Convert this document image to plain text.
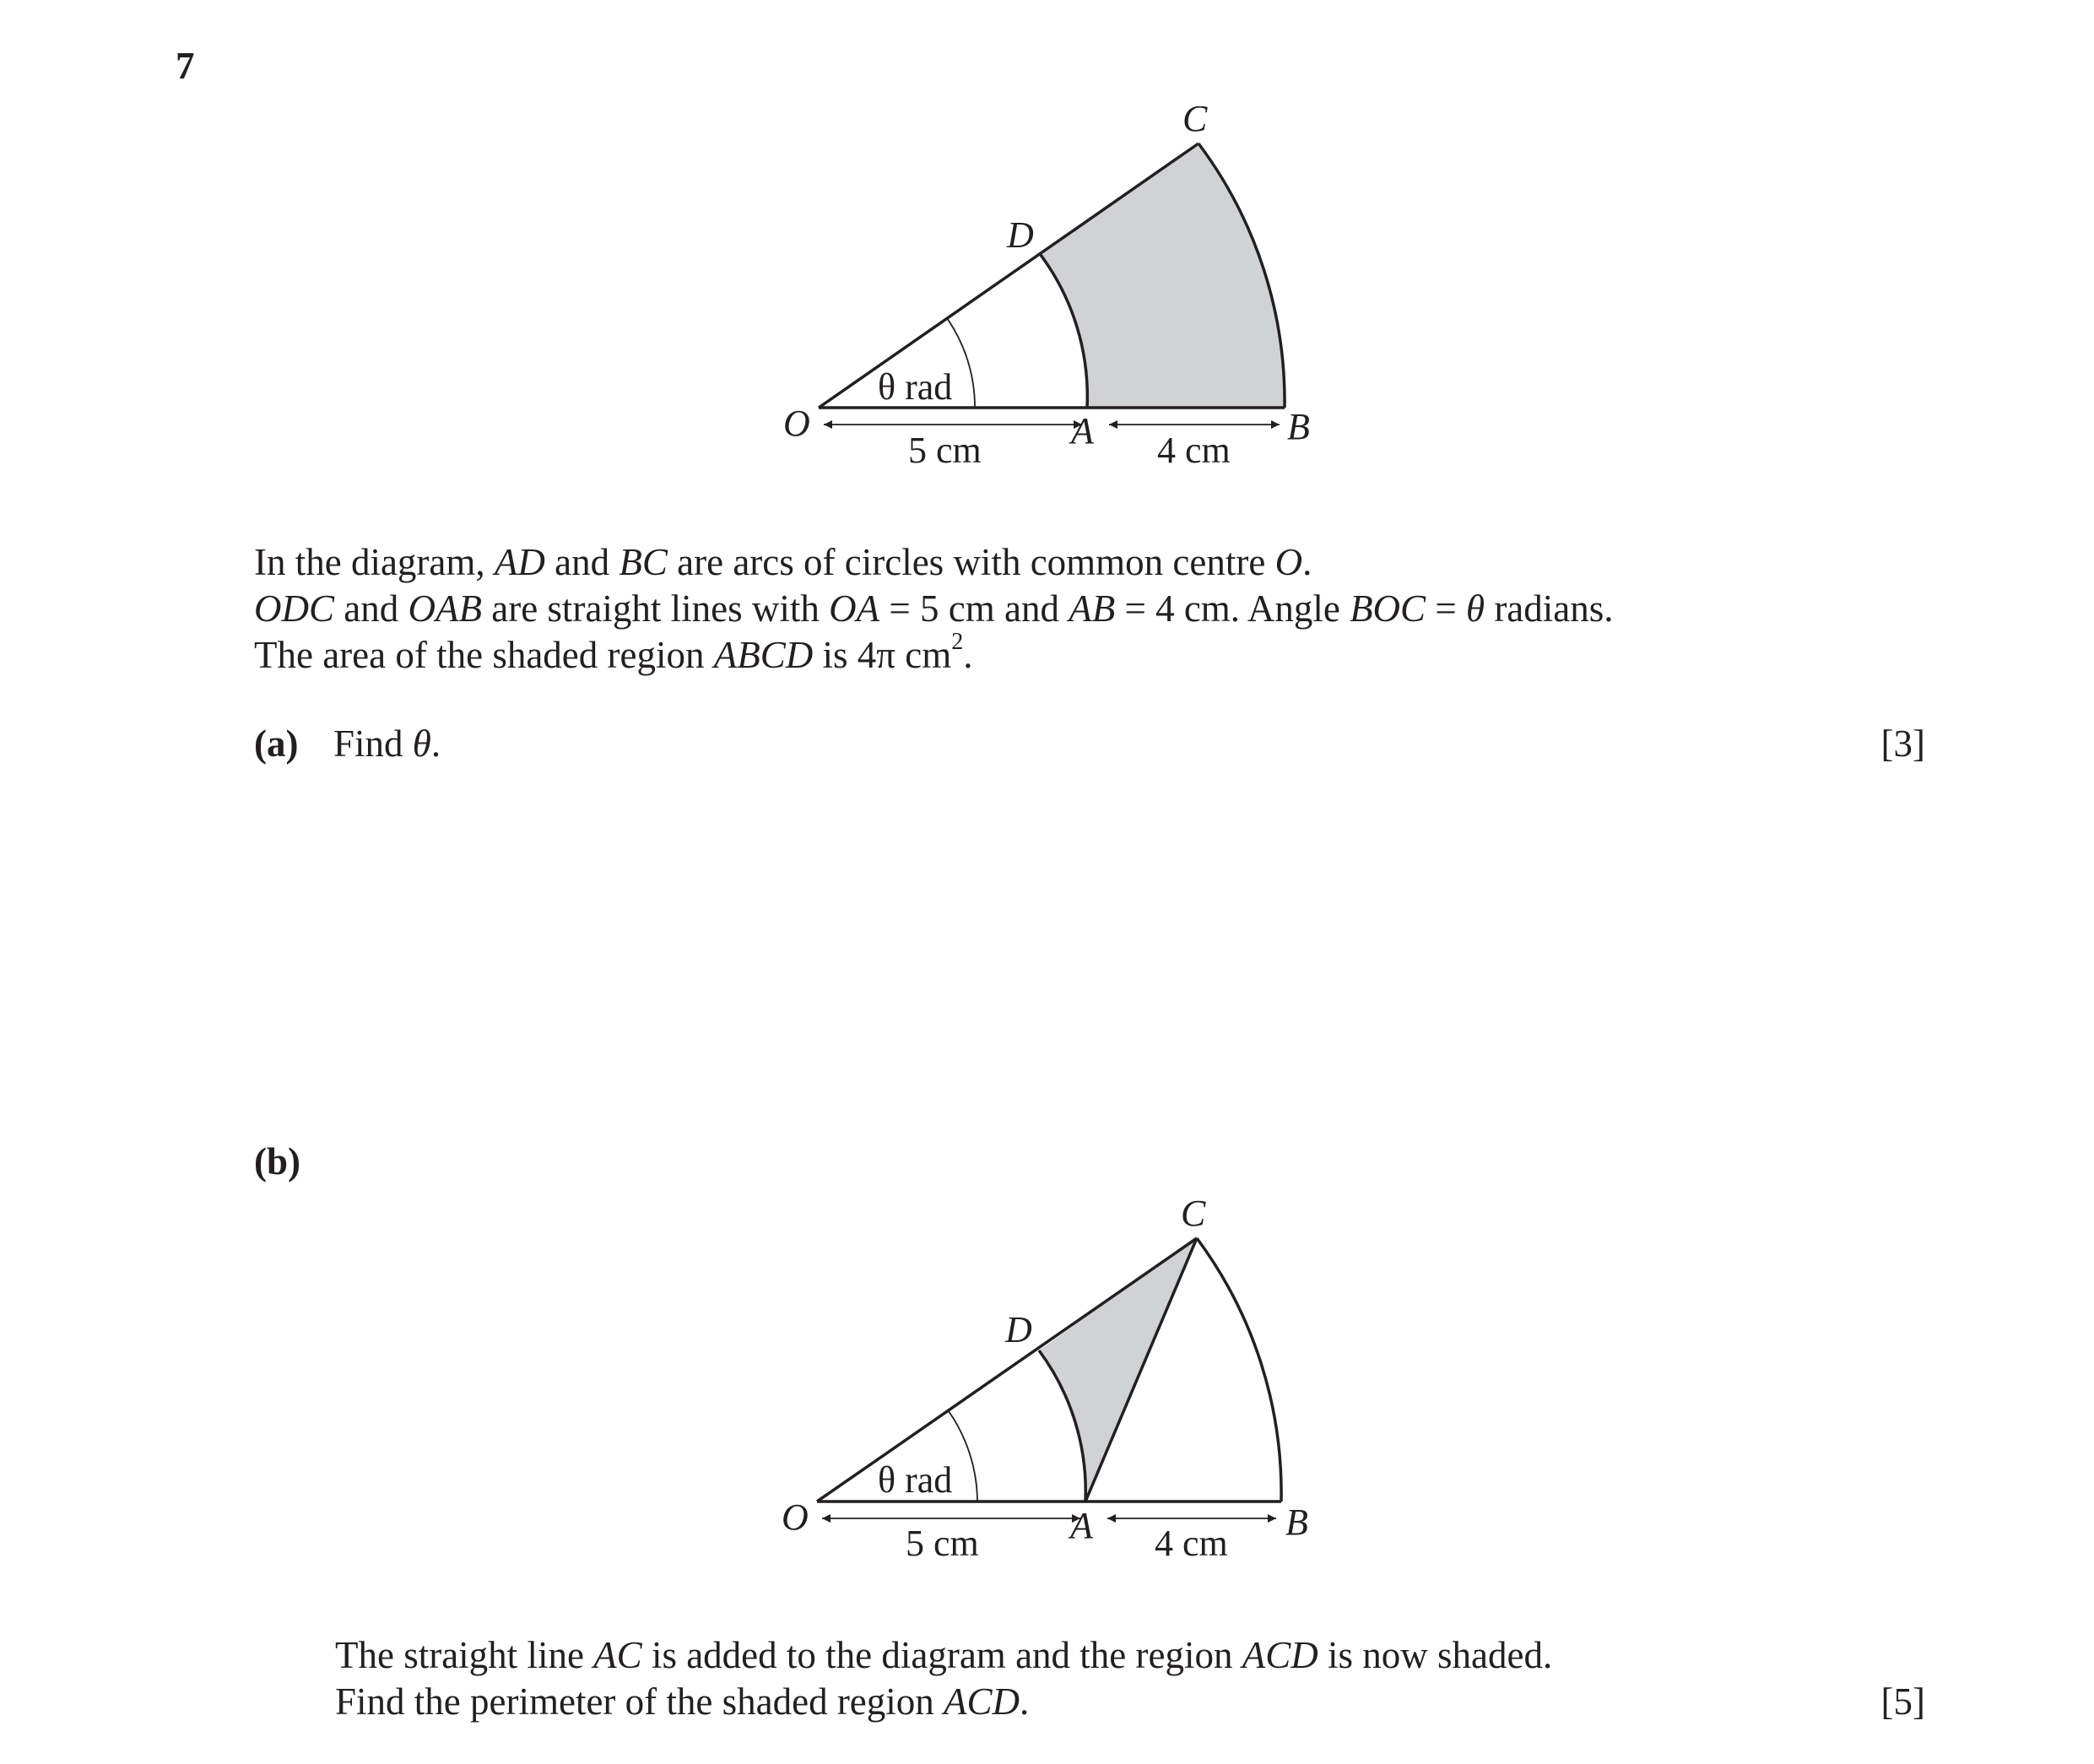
7
O	A	B
C
D
θ rad
5 cm	4 cm
O	A	B
C
D
θ rad
5 cm	4 cm
In the diagram, AD and BC are arcs of circles with common centre O.
ODC and OAB are straight lines with OA = 5 cm and AB = 4 cm. Angle BOC = θ radians.
The area of the shaded region ABCD is 4π $cm^2$.
(a) Find θ.	[3]
(b)
The straight line AC is added to the diagram and the region ACD is now shaded.
Find the perimeter of the shaded region ACD.	[5]
